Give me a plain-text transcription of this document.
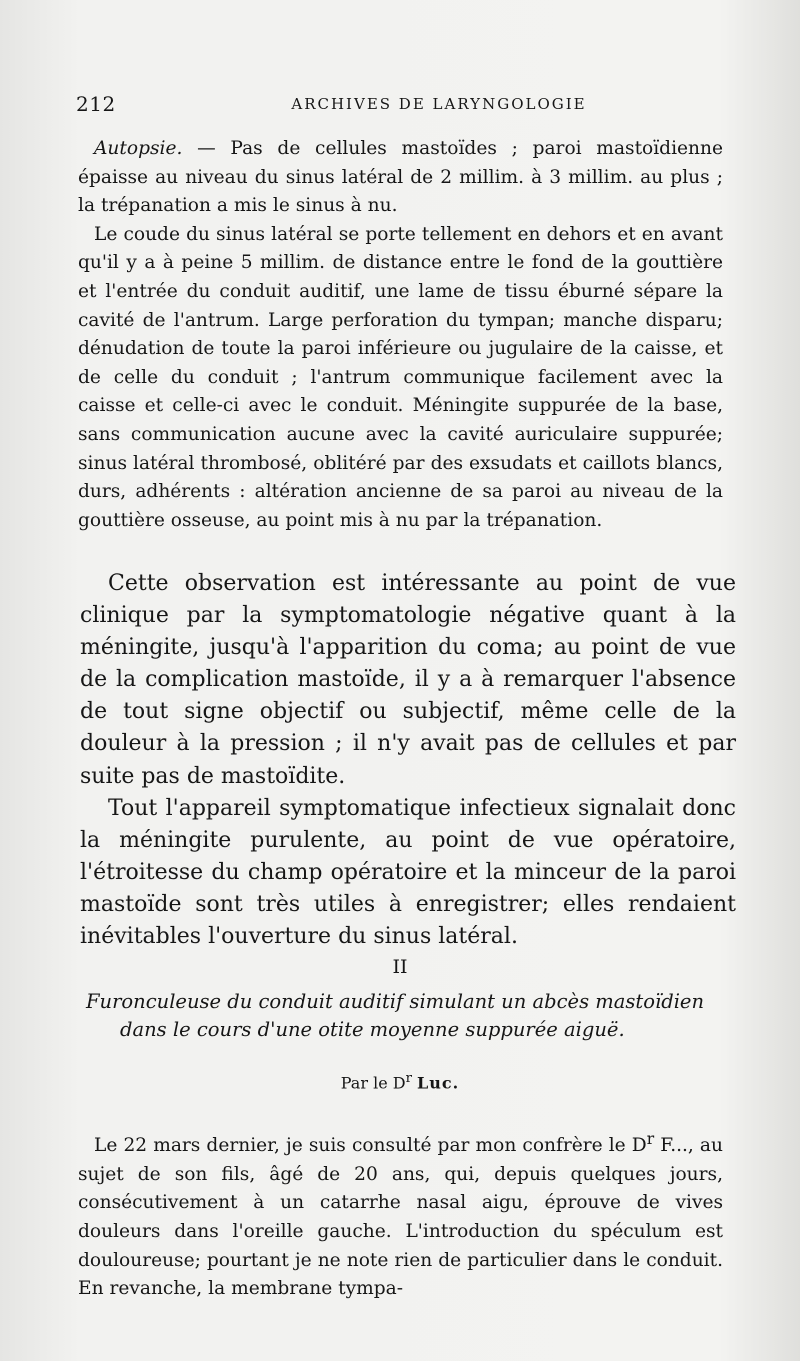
212	ARCHIVES DE LARYNGOLOGIE

Autopsie. — Pas de cellules mastoïdes ; paroi mastoïdienne épaisse au niveau du sinus latéral de 2 millim. à 3 millim. au plus ; la trépanation a mis le sinus à nu.

Le coude du sinus latéral se porte tellement en dehors et en avant qu'il y a à peine 5 millim. de distance entre le fond de la gouttière et l'entrée du conduit auditif, une lame de tissu éburné sépare la cavité de l'antrum. Large perforation du tympan; manche disparu; dénudation de toute la paroi inférieure ou jugulaire de la caisse, et de celle du conduit ; l'antrum communique facilement avec la caisse et celle-ci avec le conduit. Méningite suppurée de la base, sans communication aucune avec la cavité auriculaire suppurée; sinus latéral thrombosé, oblitéré par des exsudats et caillots blancs, durs, adhérents : altération ancienne de sa paroi au niveau de la gouttière osseuse, au point mis à nu par la trépanation.

Cette observation est intéressante au point de vue clinique par la symptomatologie négative quant à la méningite, jusqu'à l'apparition du coma; au point de vue de la complication mastoïde, il y a à remarquer l'absence de tout signe objectif ou subjectif, même celle de la douleur à la pression ; il n'y avait pas de cellules et par suite pas de mastoïdite.

Tout l'appareil symptomatique infectieux signalait donc la méningite purulente, au point de vue opératoire, l'étroitesse du champ opératoire et la minceur de la paroi mastoïde sont très utiles à enregistrer; elles rendaient inévitables l'ouverture du sinus latéral.

II
Furonculeuse du conduit auditif simulant un abcès mastoïdien
dans le cours d'une otite moyenne suppurée aiguë.
Par le $D^r$ Luc.

Le 22 mars dernier, je suis consulté par mon confrère le $D^r$ F..., au sujet de son fils, âgé de 20 ans, qui, depuis quelques jours, consécutivement à un catarrhe nasal aigu, éprouve de vives douleurs dans l'oreille gauche. L'introduction du spéculum est douloureuse; pourtant je ne note rien de particulier dans le conduit. En revanche, la membrane tympa-
